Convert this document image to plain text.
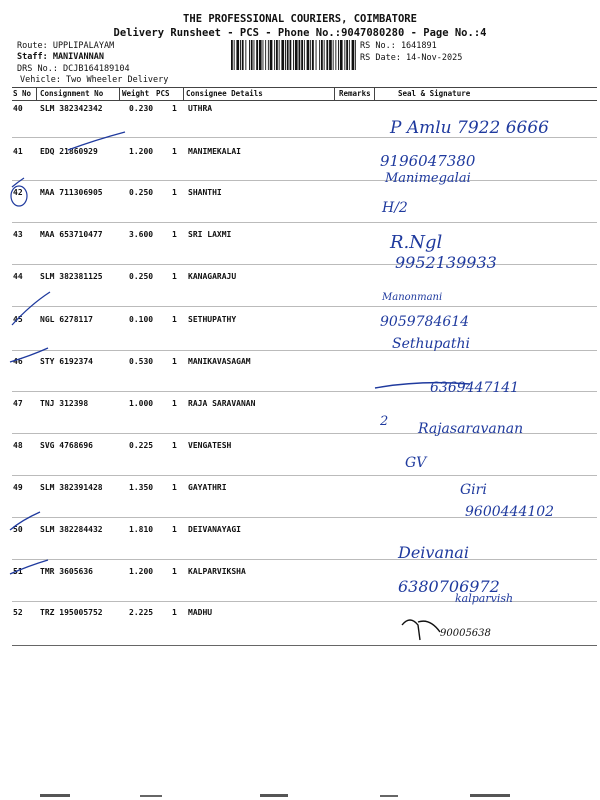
THE PROFESSIONAL COURIERS, COIMBATORE
Delivery Runsheet - PCS - Phone No.:9047080280 - Page No.:4
Route: UPPLIPALAYAM
Staff: MANIVANNAN
DRS No.: DCJB164189104
Vehicle: Two Wheeler Delivery
RS No.: 1641891
RS Date: 14-Nov-2025
S No Consignment No	Weight PCS Consignee Details	Remarks	Seal & Signature
40 SLM 382342342	0.230 1 UTHRA
41 EDQ 21860929	1.200 1 MANIMEKALAI
42 MAA 711306905	0.250 1 SHANTHI
43 MAA 653710477	3.600 1 SRI LAXMI
44 SLM 382381125	0.250 1 KANAGARAJU
45 NGL 6278117	0.100 1 SETHUPATHY
46 STY 6192374	0.530 1 MANIKAVASAGAM
47 TNJ 312398	1.000 1 RAJA SARAVANAN
48 SVG 4768696	0.225 1 VENGATESH
49 SLM 382391428	1.350 1 GAYATHRI
50 SLM 382284432	1.810 1 DEIVANAYAGI
51 TMR 3605636	1.200 1 KALPARVIKSHA
52 TRZ 195005752	2.225 1 MADHU
P Amlu 7922 6666
9196047380
Manimegalai
H/2
R.Ngl
9952139933
Manonmani
9059784614
Sethupathi
6369447141
2 Rajasaravanan
GV
Giri
9600444102
Deivanai
6380706972
kalparvish
90005638
